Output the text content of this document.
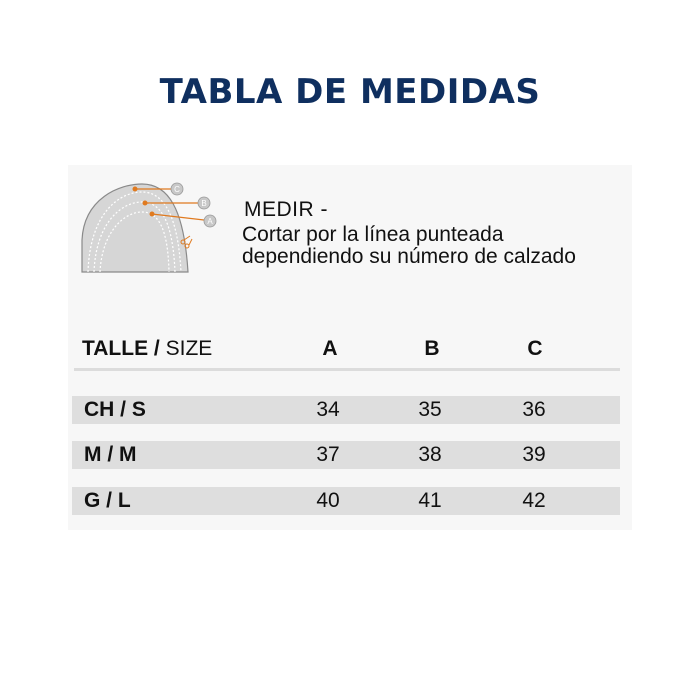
TABLA DE MEDIDAS
C
B
A
MEDIR -
Cortar por la línea punteada
dependiendo su número de calzado
TALLE / SIZE	A	B	C
CH / S	34	35	36
M / M	37	38	39
G / L	40	41	42
